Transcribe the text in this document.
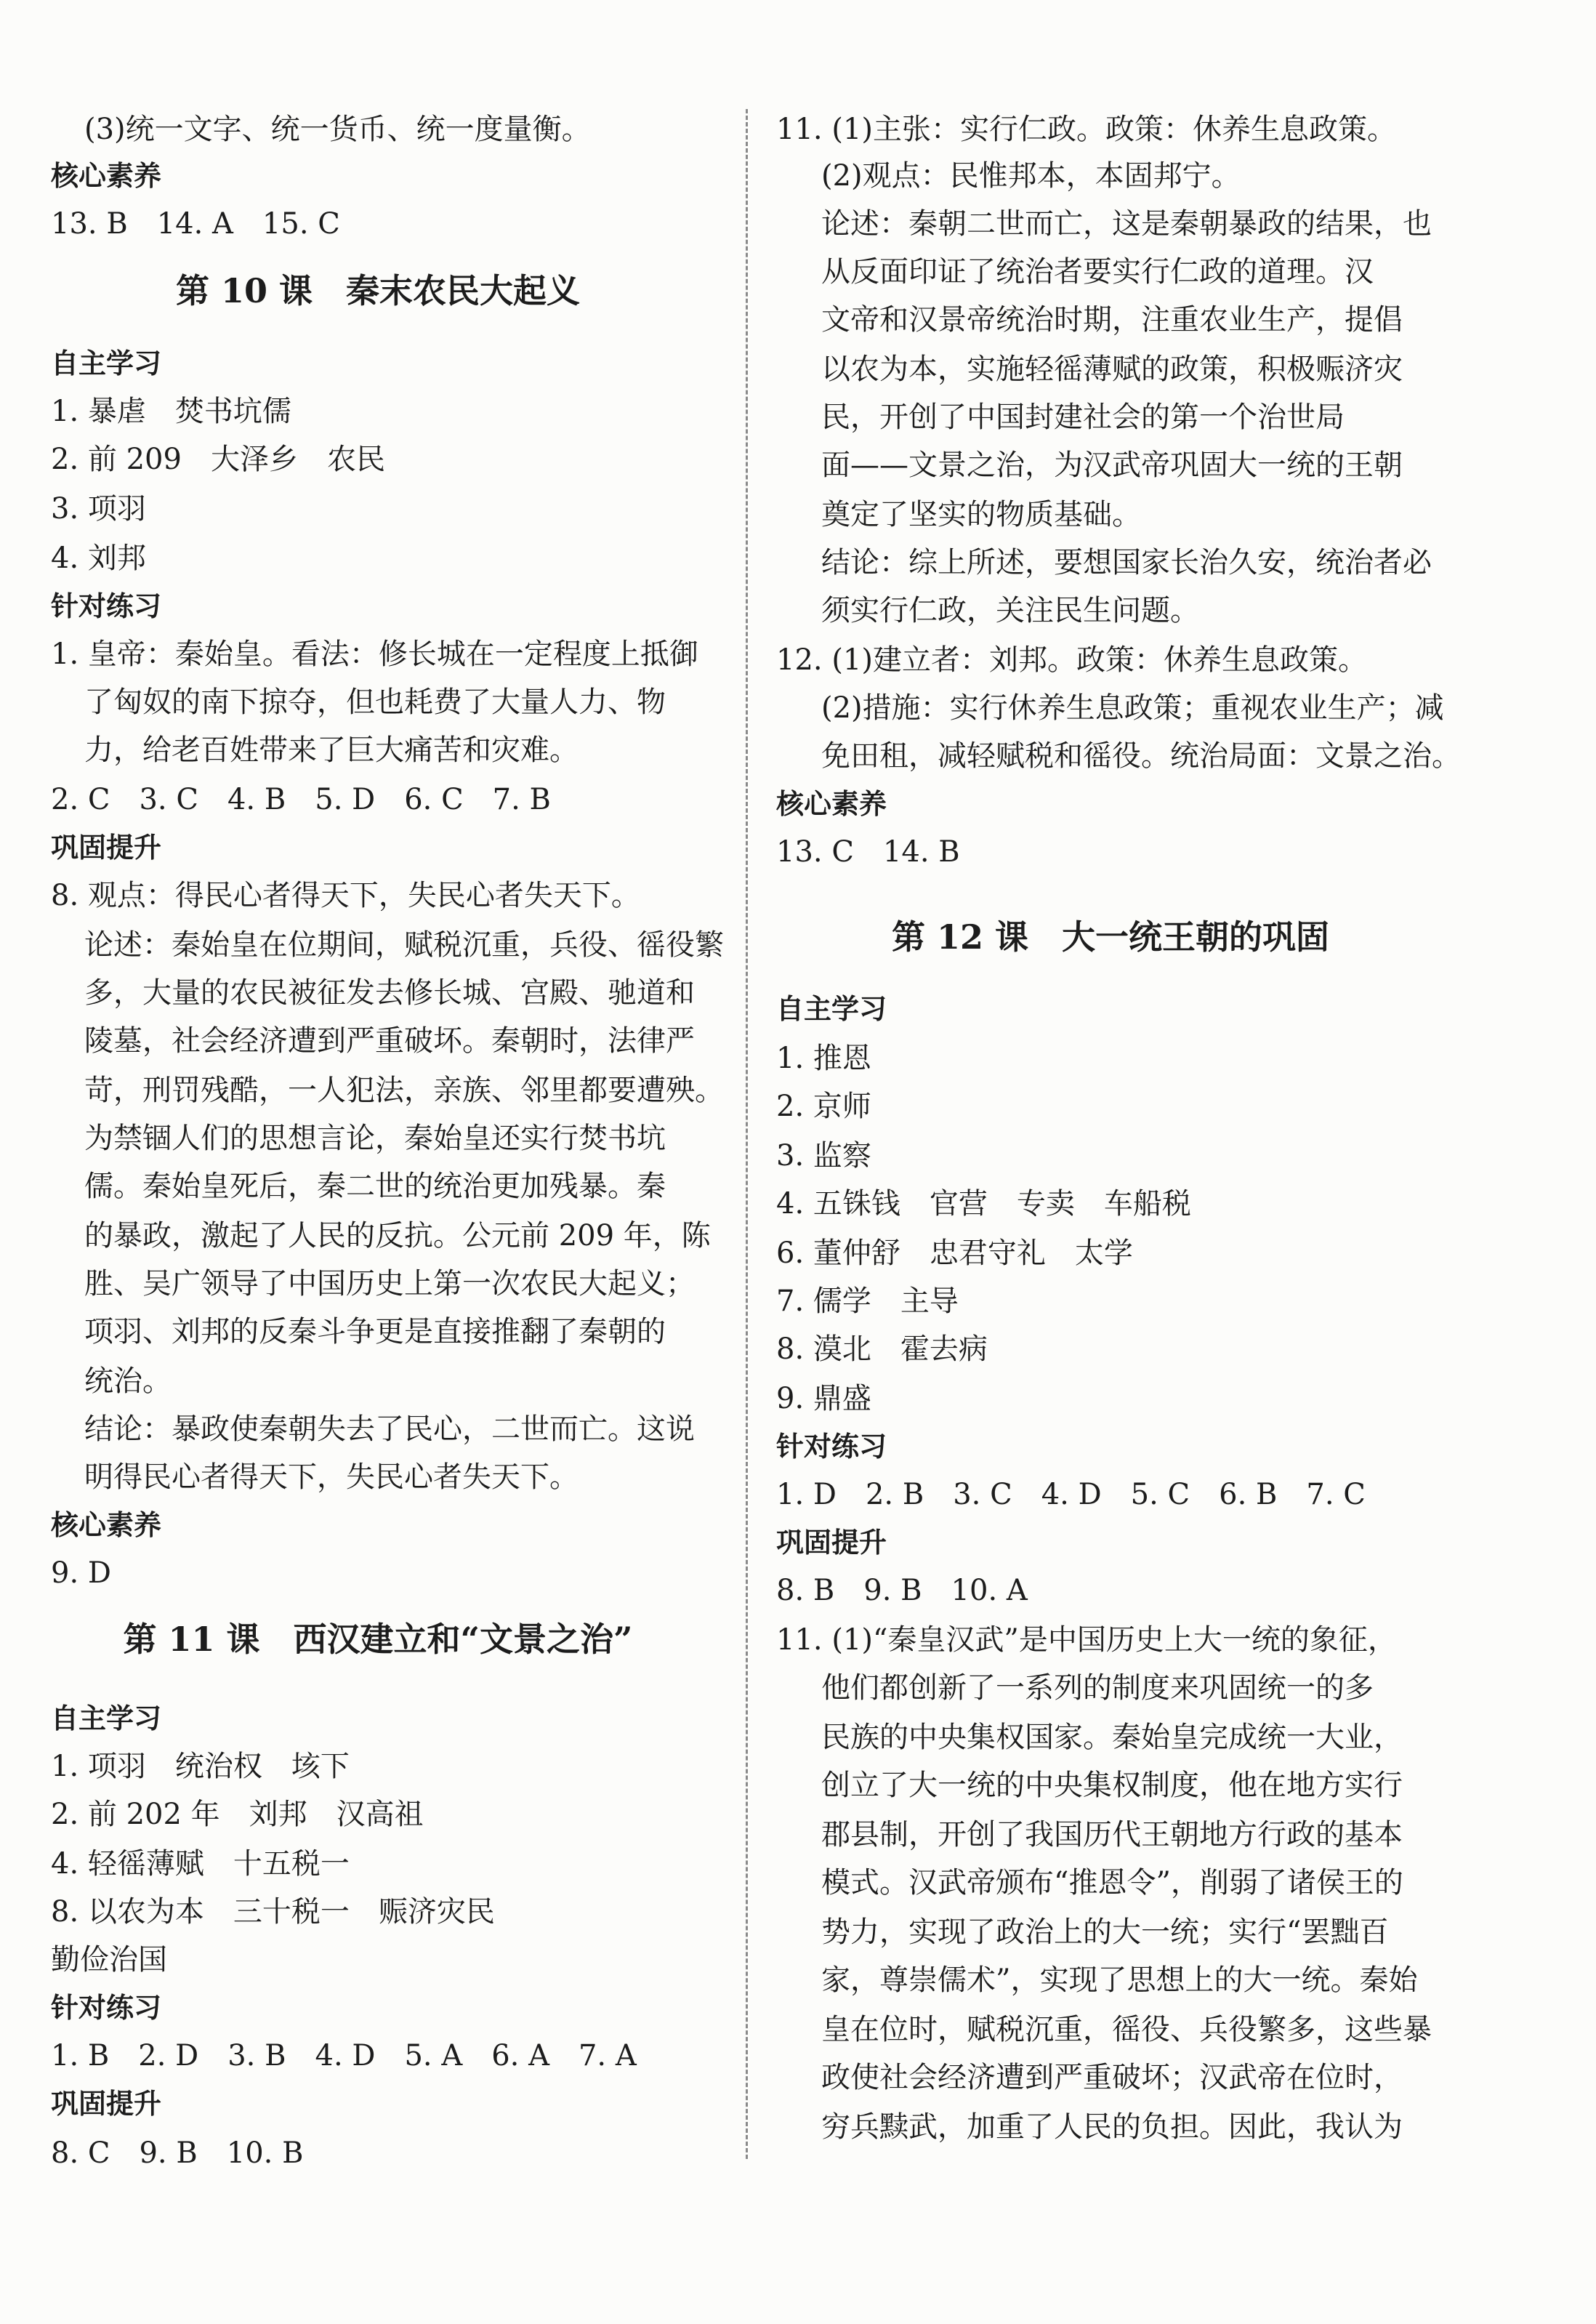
(3)统一文字、统一货币、统一度量衡。
核心素养
13. B　14. A　15. C
第 10 课　秦末农民大起义
自主学习
1. 暴虐　焚书坑儒
2. 前 209　大泽乡　农民
3. 项羽
4. 刘邦
针对练习
1. 皇帝：秦始皇。看法：修长城在一定程度上抵御
了匈奴的南下掠夺，但也耗费了大量人力、物
力，给老百姓带来了巨大痛苦和灾难。
2. C　3. C　4. B　5. D　6. C　7. B
巩固提升
8. 观点：得民心者得天下，失民心者失天下。
论述：秦始皇在位期间，赋税沉重，兵役、徭役繁
多，大量的农民被征发去修长城、宫殿、驰道和
陵墓，社会经济遭到严重破坏。秦朝时，法律严
苛，刑罚残酷，一人犯法，亲族、邻里都要遭殃。
为禁锢人们的思想言论，秦始皇还实行焚书坑
儒。秦始皇死后，秦二世的统治更加残暴。秦
的暴政，激起了人民的反抗。公元前 209 年，陈
胜、吴广领导了中国历史上第一次农民大起义；
项羽、刘邦的反秦斗争更是直接推翻了秦朝的
统治。
结论：暴政使秦朝失去了民心，二世而亡。这说
明得民心者得天下，失民心者失天下。
核心素养
9. D
第 11 课　西汉建立和“文景之治”
自主学习
1. 项羽　统治权　垓下
2. 前 202 年　刘邦　汉高祖
4. 轻徭薄赋　十五税一
8. 以农为本　三十税一　赈济灾民
勤俭治国
针对练习
1. B　2. D　3. B　4. D　5. A　6. A　7. A
巩固提升
8. C　9. B　10. B
11. (1)主张：实行仁政。政策：休养生息政策。
(2)观点：民惟邦本，本固邦宁。
论述：秦朝二世而亡，这是秦朝暴政的结果，也
从反面印证了统治者要实行仁政的道理。汉
文帝和汉景帝统治时期，注重农业生产，提倡
以农为本，实施轻徭薄赋的政策，积极赈济灾
民，开创了中国封建社会的第一个治世局
面——文景之治，为汉武帝巩固大一统的王朝
奠定了坚实的物质基础。
结论：综上所述，要想国家长治久安，统治者必
须实行仁政，关注民生问题。
12. (1)建立者：刘邦。政策：休养生息政策。
(2)措施：实行休养生息政策；重视农业生产；减
免田租，减轻赋税和徭役。统治局面：文景之治。
核心素养
13. C　14. B
第 12 课　大一统王朝的巩固
自主学习
1. 推恩
2. 京师
3. 监察
4. 五铢钱　官营　专卖　车船税
6. 董仲舒　忠君守礼　太学
7. 儒学　主导
8. 漠北　霍去病
9. 鼎盛
针对练习
1. D　2. B　3. C　4. D　5. C　6. B　7. C
巩固提升
8. B　9. B　10. A
11. (1)“秦皇汉武”是中国历史上大一统的象征，
他们都创新了一系列的制度来巩固统一的多
民族的中央集权国家。秦始皇完成统一大业，
创立了大一统的中央集权制度，他在地方实行
郡县制，开创了我国历代王朝地方行政的基本
模式。汉武帝颁布“推恩令”，削弱了诸侯王的
势力，实现了政治上的大一统；实行“罢黜百
家，尊崇儒术”，实现了思想上的大一统。秦始
皇在位时，赋税沉重，徭役、兵役繁多，这些暴
政使社会经济遭到严重破坏；汉武帝在位时，
穷兵黩武，加重了人民的负担。因此，我认为
